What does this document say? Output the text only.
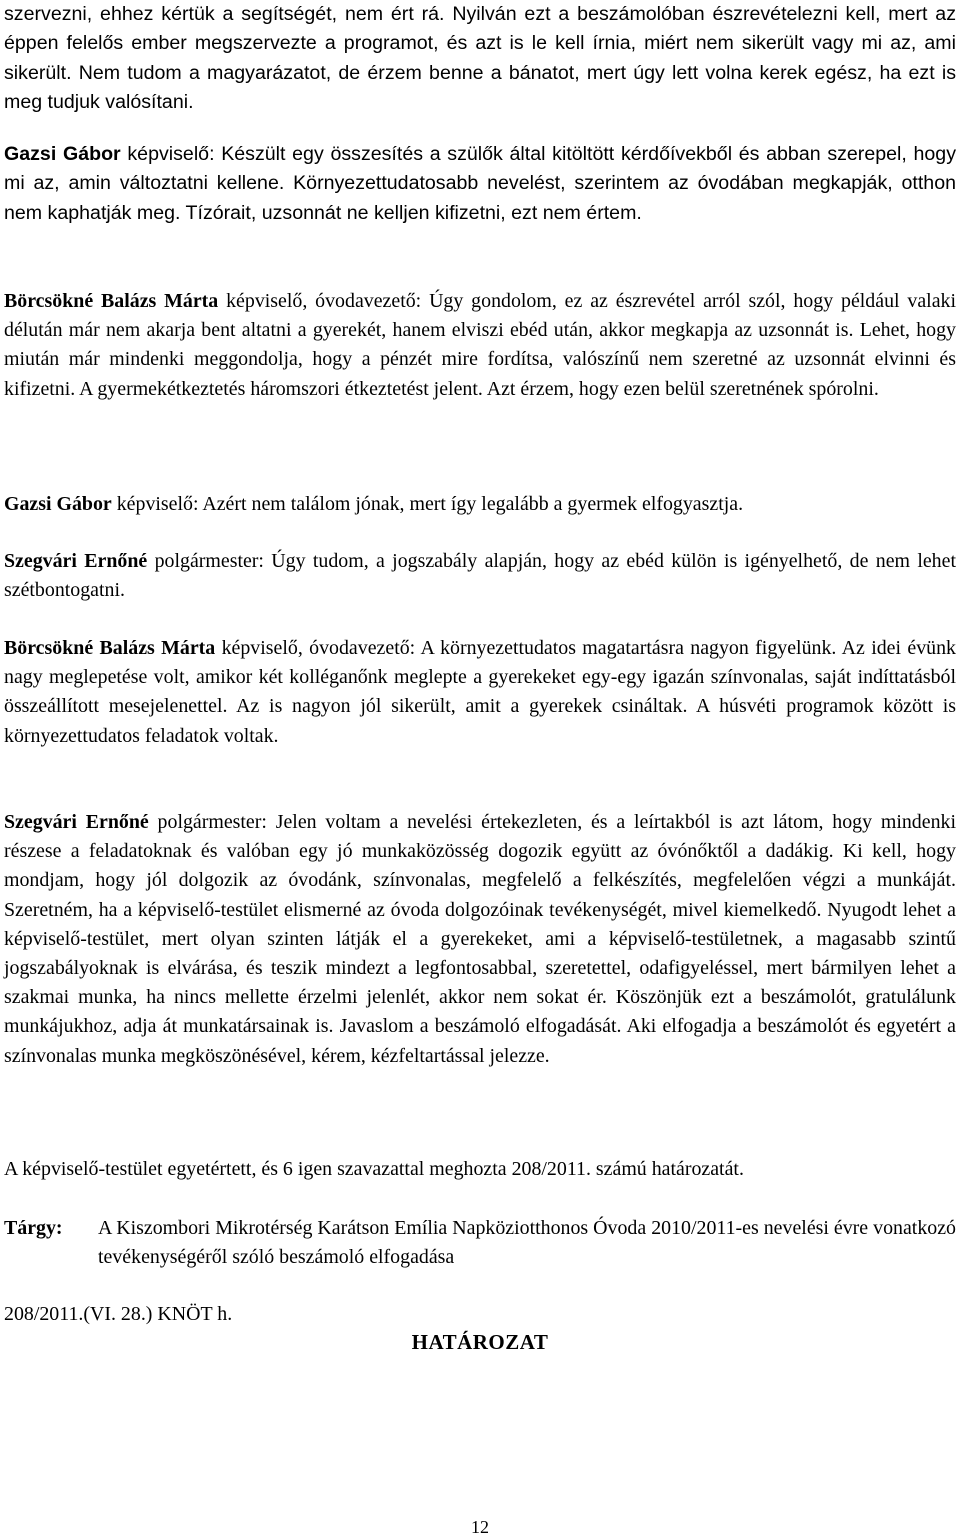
szervezni, ehhez kértük a segítségét, nem ért rá. Nyilván ezt a beszámolóban észrevételezni kell, mert az éppen felelős ember megszervezte a programot, és azt is le kell írnia, miért nem sikerült vagy mi az, ami sikerült. Nem tudom a magyarázatot, de érzem benne a bánatot, mert úgy lett volna kerek egész, ha ezt is meg tudjuk valósítani.

Gazsi Gábor képviselő: Készült egy összesítés a szülők által kitöltött kérdőívekből és abban szerepel, hogy mi az, amin változtatni kellene. Környezettudatosabb nevelést, szerintem az óvodában megkapják, otthon nem kaphatják meg. Tízórait, uzsonnát ne kelljen kifizetni, ezt nem értem.

Börcsökné Balázs Márta képviselő, óvodavezető: Úgy gondolom, ez az észrevétel arról szól, hogy például valaki délután már nem akarja bent altatni a gyerekét, hanem elviszi ebéd után, akkor megkapja az uzsonnát is. Lehet, hogy miután már mindenki meggondolja, hogy a pénzét mire fordítsa, valószínű nem szeretné az uzsonnát elvinni és kifizetni. A gyermekétkeztetés háromszori étkeztetést jelent. Azt érzem, hogy ezen belül szeretnének spórolni.

Gazsi Gábor képviselő: Azért nem találom jónak, mert így legalább a gyermek elfogyasztja.

Szegvári Ernőné polgármester: Úgy tudom, a jogszabály alapján, hogy az ebéd külön is igényelhető, de nem lehet szétbontogatni.

Börcsökné Balázs Márta képviselő, óvodavezető: A környezettudatos magatartásra nagyon figyelünk. Az idei évünk nagy meglepetése volt, amikor két kolléganőnk meglepte a gyerekeket egy-egy igazán színvonalas, saját indíttatásból összeállított mesejelenettel. Az is nagyon jól sikerült, amit a gyerekek csináltak. A húsvéti programok között is környezettudatos feladatok voltak.

Szegvári Ernőné polgármester: Jelen voltam a nevelési értekezleten, és a leírtakból is azt látom, hogy mindenki részese a feladatoknak és valóban egy jó munkaközösség dogozik együtt az óvónőktől a dadákig. Ki kell, hogy mondjam, hogy jól dolgozik az óvodánk, színvonalas, megfelelő a felkészítés, megfelelően végzi a munkáját. Szeretném, ha a képviselő-testület elismerné az óvoda dolgozóinak tevékenységét, mivel kiemelkedő. Nyugodt lehet a képviselő-testület, mert olyan szinten látják el a gyerekeket, ami a képviselő-testületnek, a magasabb szintű jogszabályoknak is elvárása, és teszik mindezt a legfontosabbal, szeretettel, odafigyeléssel, mert bármilyen lehet a szakmai munka, ha nincs mellette érzelmi jelenlét, akkor nem sokat ér. Köszönjük ezt a beszámolót, gratulálunk munkájukhoz, adja át munkatársainak is. Javaslom a beszámoló elfogadását. Aki elfogadja a beszámolót és egyetért a színvonalas munka megköszönésével, kérem, kézfeltartással jelezze.

A képviselő-testület egyetértett, és 6 igen szavazattal meghozta 208/2011. számú határozatát.

Tárgy: A Kiszombori Mikrotérség Karátson Emília Napköziotthonos Óvoda 2010/2011-es nevelési évre vonatkozó tevékenységéről szóló beszámoló elfogadása
208/2011.(VI. 28.) KNÖT h.
HATÁROZAT
12
